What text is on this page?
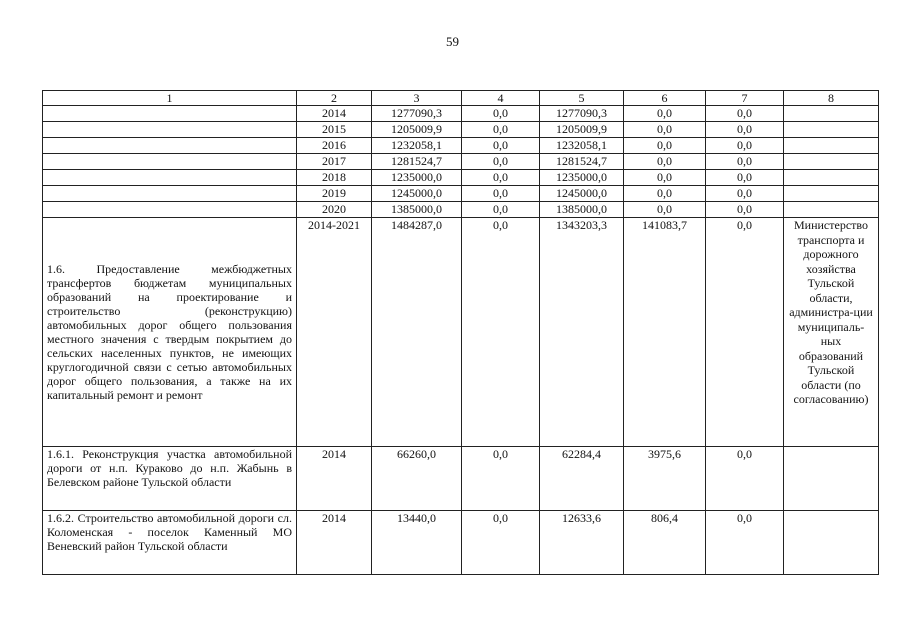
59
1	2	3	4	5	6	7	8
	2014	1277090,3	0,0	1277090,3	0,0	0,0	
	2015	1205009,9	0,0	1205009,9	0,0	0,0	
	2016	1232058,1	0,0	1232058,1	0,0	0,0	
	2017	1281524,7	0,0	1281524,7	0,0	0,0	
	2018	1235000,0	0,0	1235000,0	0,0	0,0	
	2019	1245000,0	0,0	1245000,0	0,0	0,0	
	2020	1385000,0	0,0	1385000,0	0,0	0,0	
1.6. Предоставление межбюджетных трансфертов бюджетам муниципальных образований на проектирование и строительство (реконструкцию) автомобильных дорог общего пользования местного значения с твердым покрытием до сельских населенных пунктов, не имеющих круглогодичной связи с сетью автомобильных дорог общего пользования, а также на их капитальный ремонт и ремонт	2014-2021	1484287,0	0,0	1343203,3	141083,7	0,0	Министерство транспорта и дорожного хозяйства Тульской области, администра-ции муниципаль-ных образований Тульской области (по согласованию)
1.6.1. Реконструкция участка автомобильной дороги от н.п. Кураково до н.п. Жабынь в Белевском районе Тульской области	2014	66260,0	0,0	62284,4	3975,6	0,0	
1.6.2. Строительство автомобильной дороги сл. Коломенская - поселок Каменный МО Веневский район Тульской области	2014	13440,0	0,0	12633,6	806,4	0,0	
